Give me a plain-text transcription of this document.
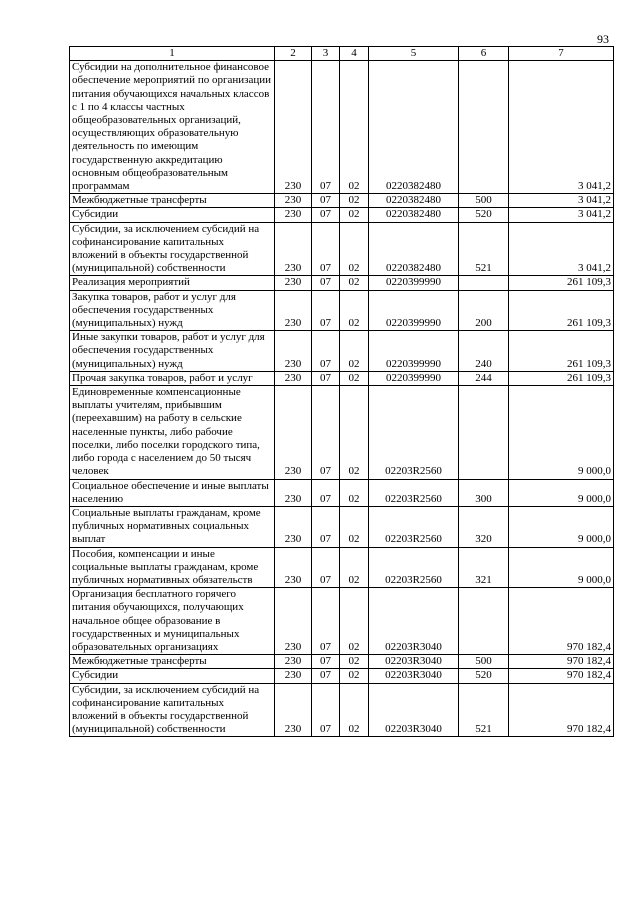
93
1	2	3	4	5	6	7
Субсидии на дополнительное финансовое обеспечение мероприятий по организации питания обучающихся начальных классов с 1 по 4 классы частных общеобразовательных организаций, осуществляющих образовательную деятельность по имеющим государственную аккредитацию основным общеобразовательным программам	230	07	02	0220382480		3 041,2
Межбюджетные трансферты	230	07	02	0220382480	500	3 041,2
Субсидии	230	07	02	0220382480	520	3 041,2
Субсидии, за исключением субсидий на софинансирование капитальных вложений в объекты государственной (муниципальной) собственности	230	07	02	0220382480	521	3 041,2
Реализация мероприятий	230	07	02	0220399990		261 109,3
Закупка товаров, работ и услуг для обеспечения государственных (муниципальных) нужд	230	07	02	0220399990	200	261 109,3
Иные закупки товаров, работ и услуг для обеспечения государственных (муниципальных) нужд	230	07	02	0220399990	240	261 109,3
Прочая закупка товаров, работ и услуг	230	07	02	0220399990	244	261 109,3
Единовременные компенсационные выплаты учителям, прибывшим (переехавшим) на работу в сельские населенные пункты, либо рабочие поселки, либо поселки городского типа, либо города с населением до 50 тысяч человек	230	07	02	02203R2560		9 000,0
Социальное обеспечение и иные выплаты населению	230	07	02	02203R2560	300	9 000,0
Социальные выплаты гражданам, кроме публичных нормативных социальных выплат	230	07	02	02203R2560	320	9 000,0
Пособия, компенсации и иные социальные выплаты гражданам, кроме публичных нормативных обязательств	230	07	02	02203R2560	321	9 000,0
Организация бесплатного горячего питания обучающихся, получающих начальное общее образование в государственных и муниципальных образовательных организациях	230	07	02	02203R3040		970 182,4
Межбюджетные трансферты	230	07	02	02203R3040	500	970 182,4
Субсидии	230	07	02	02203R3040	520	970 182,4
Субсидии, за исключением субсидий на софинансирование капитальных вложений в объекты государственной (муниципальной) собственности	230	07	02	02203R3040	521	970 182,4
